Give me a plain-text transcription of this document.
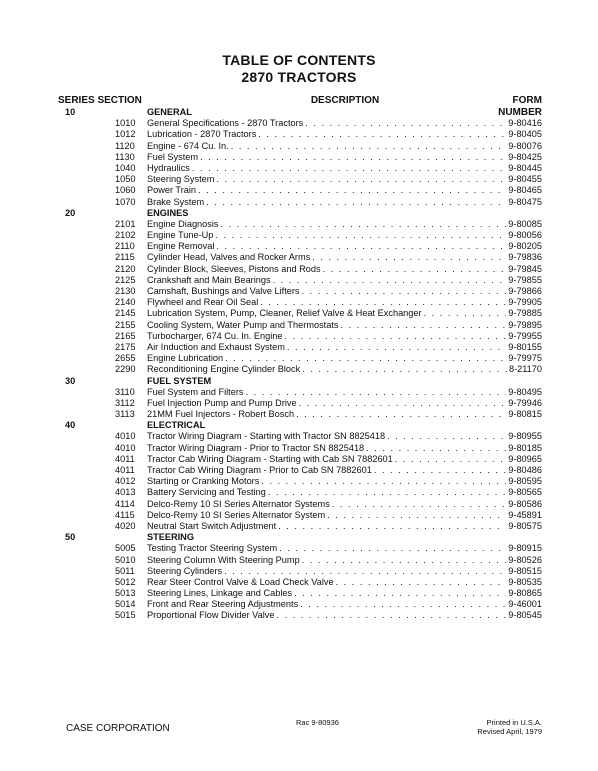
TABLE OF CONTENTS
2870 TRACTORS
SERIES SECTION	DESCRIPTION	FORM
NUMBER
10	GENERAL
1010 General Specifications - 2870 Tractors . . .	9-80416
1012 Lubrication - 2870 Tractors . . .	9-80405
1120 Engine - 674 Cu. In. . . .	9-80076
1130 Fuel System . . .	9-80425
1040 Hydraulics . . .	9-80445
1050 Steering System . . .	9-80455
1060 Power Train . . .	9-80465
1070 Brake System . . .	9-80475
20	ENGINES
2101 Engine Diagnosis . . .	9-80085
2102 Engine Tune-Up . . .	9-80056
2110 Engine Removal . . .	9-80205
2115 Cylinder Head, Valves and Rocker Arms . . .	9-79836
2120 Cylinder Block, Sleeves, Pistons and Rods . . .	9-79845
2125 Crankshaft and Main Bearings . . .	9-79855
2130 Camshaft, Bushings and Valve Lifters . . .	9-79866
2140 Flywheel and Rear Oil Seal . . .	9-79905
2145 Lubrication System, Pump, Cleaner, Relief Valve & Heat Exchanger . . .	9-79885
2155 Cooling System, Water Pump and Thermostats . . .	9-79895
2165 Turbocharger, 674 Cu. In. Engine . . .	9-79955
2175 Air Induction and Exhaust System . . .	9-80155
2655 Engine Lubrication . . .	9-79975
2290 Reconditioning Engine Cylinder Block . . .	8-21170
30	FUEL SYSTEM
3110 Fuel System and Filters . . .	9-80495
3112 Fuel Injection Pump and Pump Drive . . .	9-79946
3113 21MM Fuel Injectors - Robert Bosch . . .	9-80815
40	ELECTRICAL
4010 Tractor Wiring Diagram - Starting with Tractor SN 8825418 . . .	9-80955
4010 Tractor Wiring Diagram - Prior to Tractor SN 8825418 . . .	9-80185
4011 Tractor Cab Wiring Diagram - Starting with Cab SN 7882601 . . .	9-80965
4011 Tractor Cab Wiring Diagram - Prior to Cab SN 7882601 . . .	9-80486
4012 Starting or Cranking Motors . . .	9-80595
4013 Battery Servicing and Testing . . .	9-80565
4114 Delco-Remy 10 SI Series Alternator Systems . . .	9-80586
4115 Delco-Remy 10 SI Series Alternator System . . .	9-45891
4020 Neutral Start Switch Adjustment . . .	9-80575
50	STEERING
5005 Testing Tractor Steering System . . .	9-80915
5010 Steering Column With Steering Pump . . .	9-80526
5011 Steering Cylinders . . .	9-80515
5012 Rear Steer Control Valve & Load Check Valve . . .	9-80535
5013 Steering Lines, Linkage and Cables . . .	9-80865
5014 Front and Rear Steering Adjustments . . .	9-46001
5015 Proportional Flow Divider Valve . . .	9-80545
CASE CORPORATION
Rac 9-80936	Printed in U.S.A.
Revised April, 1979
